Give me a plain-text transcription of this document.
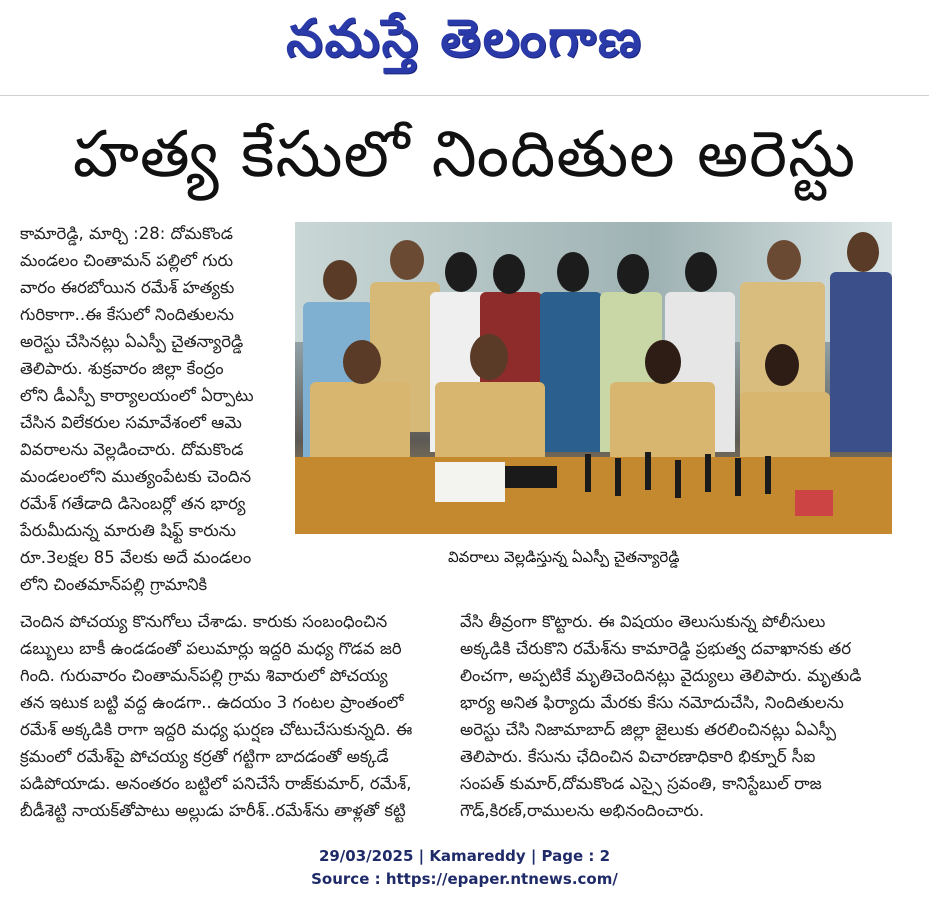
నమస్తే తెలంగాణ
హత్య కేసులో నిందితుల అరెస్టు
కామారెడ్డి, మార్చి :28: దోమకొండ
మండలం చింతామన్ పల్లిలో గురు
వారం ఈరబోయిన రమేశ్ హత్యకు
గురికాగా..ఈ కేసులో నిందితులను
అరెస్టు చేసినట్లు ఏఎస్పీ చైతన్యారెడ్డి
తెలిపారు. శుక్రవారం జిల్లా కేంద్రం
లోని డీఎస్పీ కార్యాలయంలో ఏర్పాటు
చేసిన విలేకరుల సమావేశంలో ఆమె
వివరాలను వెల్లడించారు. దోమకొండ
మండలంలోని ముత్యంపేటకు చెందిన
రమేశ్ గతేడాది డిసెంబర్లో తన భార్య
పేరుమీదున్న మారుతి షిఫ్ట్ కారును
రూ.3లక్షల 85 వేలకు అదే మండలం
లోని చింతమాన్‌పల్లి గ్రామానికి
వివరాలు వెల్లడిస్తున్న ఏఎస్పీ చైతన్యారెడ్డి
చెందిన పోచయ్య కొనుగోలు చేశాడు. కారుకు సంబంధించిన
డబ్బులు బాకీ ఉండడంతో పలుమార్లు ఇద్దరి మధ్య గొడవ జరి
గింది. గురువారం చింతామన్‌పల్లి గ్రామ శివారులో పోచయ్య
తన ఇటుక బట్టి వద్ద ఉండగా.. ఉదయం 3 గంటల ప్రాంతంలో
రమేశ్ అక్కడికి రాగా ఇద్దరి మధ్య ఘర్షణ చోటుచేసుకున్నది. ఈ
క్రమంలో రమేశ్‌పై పోచయ్య కర్రతో గట్టిగా బాదడంతో అక్కడే
పడిపోయాడు. అనంతరం బట్టిలో పనిచేసే రాజ్‌కుమార్, రమేశ్,
బీడీశెట్టి నాయక్‌తోపాటు అల్లుడు హరీశ్..రమేశ్‌ను తాళ్లతో కట్టి
వేసి తీవ్రంగా కొట్టారు. ఈ విషయం తెలుసుకున్న పోలీసులు
అక్కడికి చేరుకొని రమేశ్‌ను కామారెడ్డి ప్రభుత్వ దవాఖానకు తర
లించగా, అప్పటికే మృతిచెందినట్లు వైద్యులు తెలిపారు. మృతుడి
భార్య అనిత ఫిర్యాదు మేరకు కేసు నమోదుచేసి, నిందితులను
అరెస్టు చేసి నిజామాబాద్ జిల్లా జైలుకు తరలించినట్లు ఏఎస్పీ
తెలిపారు. కేసును ఛేదించిన విచారణాధికారి భిక్నూర్ సీఐ
సంపత్ కుమార్,దోమకొండ ఎస్సై స్రవంతి, కానిస్టేబుల్ రాజ
గౌడ్,కిరణ్,రాములను అభినందించారు.
29/03/2025 | Kamareddy | Page : 2
Source : https://epaper.ntnews.com/
